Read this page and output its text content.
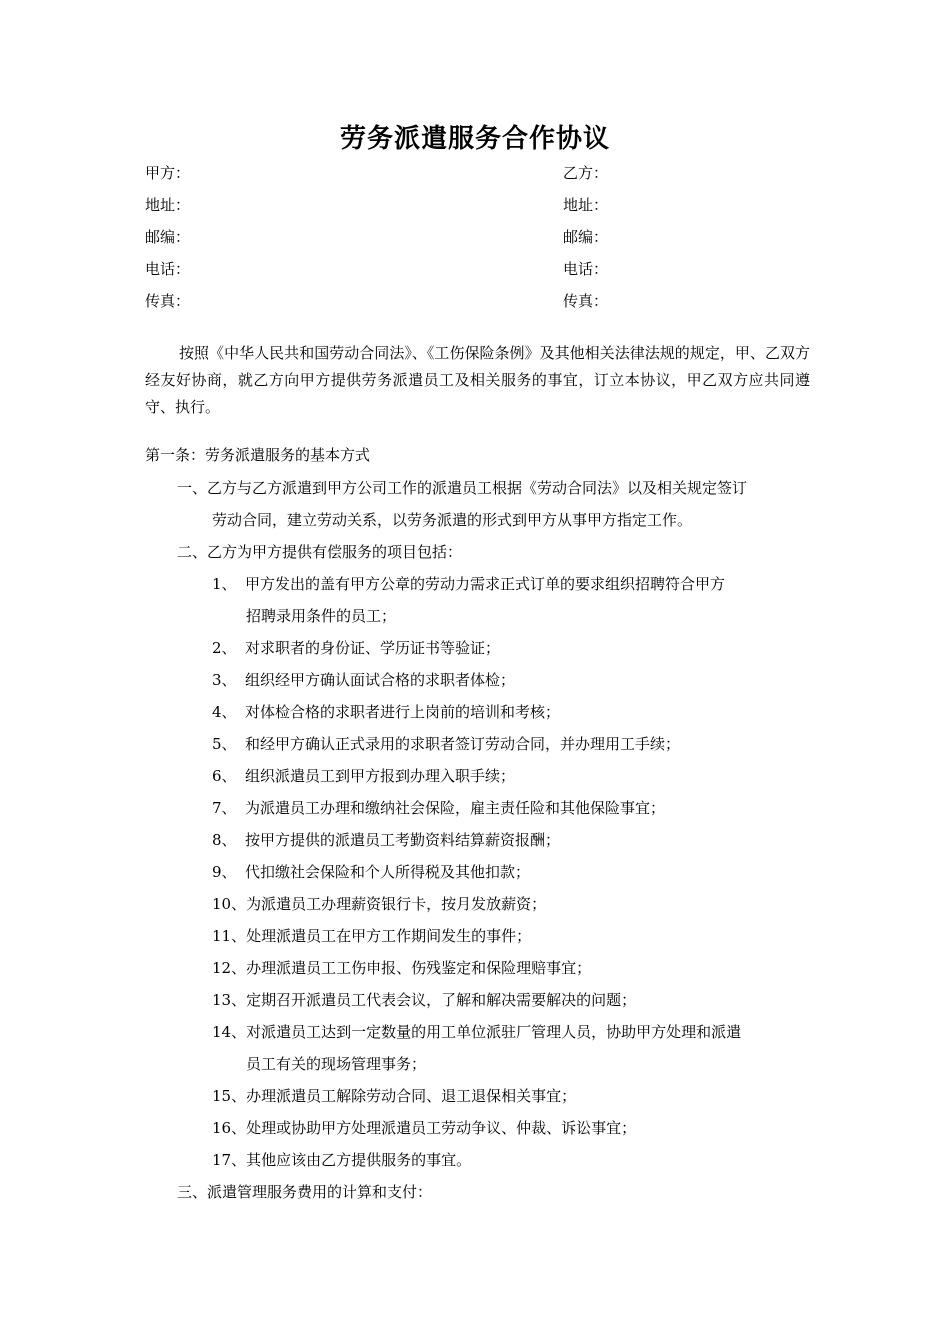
劳务派遣服务合作协议
甲方：	乙方：
地址：	地址：
邮编：	邮编：
电话：	电话：
传真：	传真：
按照《中华人民共和国劳动合同法》、《工伤保险条例》及其他相关法律法规的规定，甲、乙双方经友好协商，就乙方向甲方提供劳务派遣员工及相关服务的事宜，订立本协议，甲乙双方应共同遵守、执行。
第一条：劳务派遣服务的基本方式
一、乙方与乙方派遣到甲方公司工作的派遣员工根据《劳动合同法》以及相关规定签订
劳动合同，建立劳动关系，以劳务派遣的形式到甲方从事甲方指定工作。
二、乙方为甲方提供有偿服务的项目包括：
1、 甲方发出的盖有甲方公章的劳动力需求正式订单的要求组织招聘符合甲方
招聘录用条件的员工；
2、 对求职者的身份证、学历证书等验证；
3、 组织经甲方确认面试合格的求职者体检；
4、 对体检合格的求职者进行上岗前的培训和考核；
5、 和经甲方确认正式录用的求职者签订劳动合同，并办理用工手续；
6、 组织派遣员工到甲方报到办理入职手续；
7、 为派遣员工办理和缴纳社会保险，雇主责任险和其他保险事宜；
8、 按甲方提供的派遣员工考勤资料结算薪资报酬；
9、 代扣缴社会保险和个人所得税及其他扣款；
10、为派遣员工办理薪资银行卡，按月发放薪资；
11、处理派遣员工在甲方工作期间发生的事件；
12、办理派遣员工工伤申报、伤残鉴定和保险理赔事宜；
13、定期召开派遣员工代表会议，了解和解决需要解决的问题；
14、对派遣员工达到一定数量的用工单位派驻厂管理人员，协助甲方处理和派遣
员工有关的现场管理事务；
15、办理派遣员工解除劳动合同、退工退保相关事宜；
16、处理或协助甲方处理派遣员工劳动争议、仲裁、诉讼事宜；
17、其他应该由乙方提供服务的事宜。
三、派遣管理服务费用的计算和支付：
